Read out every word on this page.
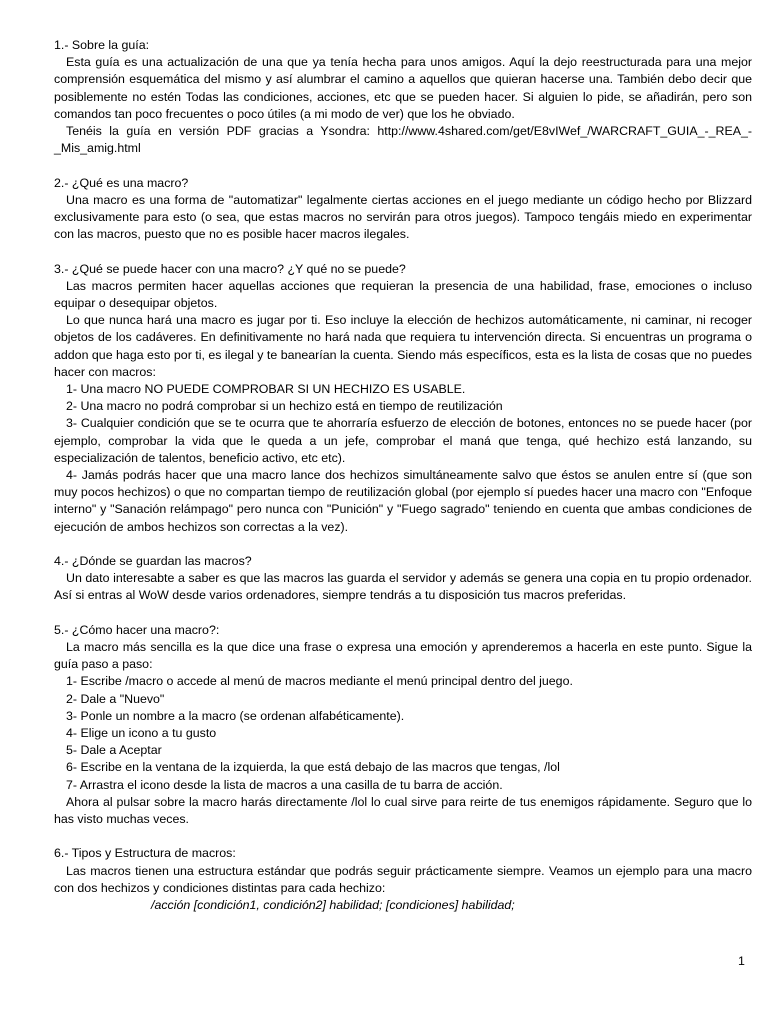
1.- Sobre la guía:

Esta guía es una actualización de una que ya tenía hecha para unos amigos. Aquí la dejo reestructurada para una mejor comprensión esquemática del mismo y así alumbrar el camino a aquellos que quieran hacerse una. También debo decir que posiblemente no estén Todas las condiciones, acciones, etc que se pueden hacer. Si alguien lo pide, se añadirán, pero son comandos tan poco frecuentes o poco útiles (a mi modo de ver) que los he obviado.

Tenéis la guía en versión PDF gracias a Ysondra: http://www.4shared.com/get/E8vIWef_/WARCRAFT_GUIA_-_REA_-_Mis_amig.html

2.- ¿Qué es una macro?

Una macro es una forma de "automatizar" legalmente ciertas acciones en el juego mediante un código hecho por Blizzard exclusivamente para esto (o sea, que estas macros no servirán para otros juegos). Tampoco tengáis miedo en experimentar con las macros, puesto que no es posible hacer macros ilegales.

3.- ¿Qué se puede hacer con una macro? ¿Y qué no se puede?

Las macros permiten hacer aquellas acciones que requieran la presencia de una habilidad, frase, emociones o incluso equipar o desequipar objetos.

Lo que nunca hará una macro es jugar por ti. Eso incluye la elección de hechizos automáticamente, ni caminar, ni recoger objetos de los cadáveres. En definitivamente no hará nada que requiera tu intervención directa. Si encuentras un programa o addon que haga esto por ti, es ilegal y te banearían la cuenta. Siendo más específicos, esta es la lista de cosas que no puedes hacer con macros:

1- Una macro NO PUEDE COMPROBAR SI UN HECHIZO ES USABLE.

2- Una macro no podrá comprobar si un hechizo está en tiempo de reutilización

3- Cualquier condición que se te ocurra que te ahorraría esfuerzo de elección de botones, entonces no se puede hacer (por ejemplo, comprobar la vida que le queda a un jefe, comprobar el maná que tenga, qué hechizo está lanzando, su especialización de talentos, beneficio activo, etc etc).

4- Jamás podrás hacer que una macro lance dos hechizos simultáneamente salvo que éstos se anulen entre sí (que son muy pocos hechizos) o que no compartan tiempo de reutilización global (por ejemplo sí puedes hacer una macro con "Enfoque interno" y "Sanación relámpago" pero nunca con "Punición" y "Fuego sagrado" teniendo en cuenta que ambas condiciones de ejecución de ambos hechizos son correctas a la vez).

4.- ¿Dónde se guardan las macros?

Un dato interesabte a saber es que las macros las guarda el servidor y además se genera una copia en tu propio ordenador. Así si entras al WoW desde varios ordenadores, siempre tendrás a tu disposición tus macros preferidas.

5.- ¿Cómo hacer una macro?:

La macro más sencilla es la que dice una frase o expresa una emoción y aprenderemos a hacerla en este punto. Sigue la guía paso a paso:

1- Escribe /macro o accede al menú de macros mediante el menú principal dentro del juego.

2- Dale a "Nuevo"

3- Ponle un nombre a la macro (se ordenan alfabéticamente).

4- Elige un icono a tu gusto

5- Dale a Aceptar

6- Escribe en la ventana de la izquierda, la que está debajo de las macros que tengas, /lol

7- Arrastra el icono desde la lista de macros a una casilla de tu barra de acción.

Ahora al pulsar sobre la macro harás directamente /lol lo cual sirve para reirte de tus enemigos rápidamente. Seguro que lo has visto muchas veces.

6.- Tipos y Estructura de macros:

Las macros tienen una estructura estándar que podrás seguir prácticamente siempre. Veamos un ejemplo para una macro con dos hechizos y condiciones distintas para cada hechizo:

/acción [condición1, condición2] habilidad; [condiciones] habilidad;

1
